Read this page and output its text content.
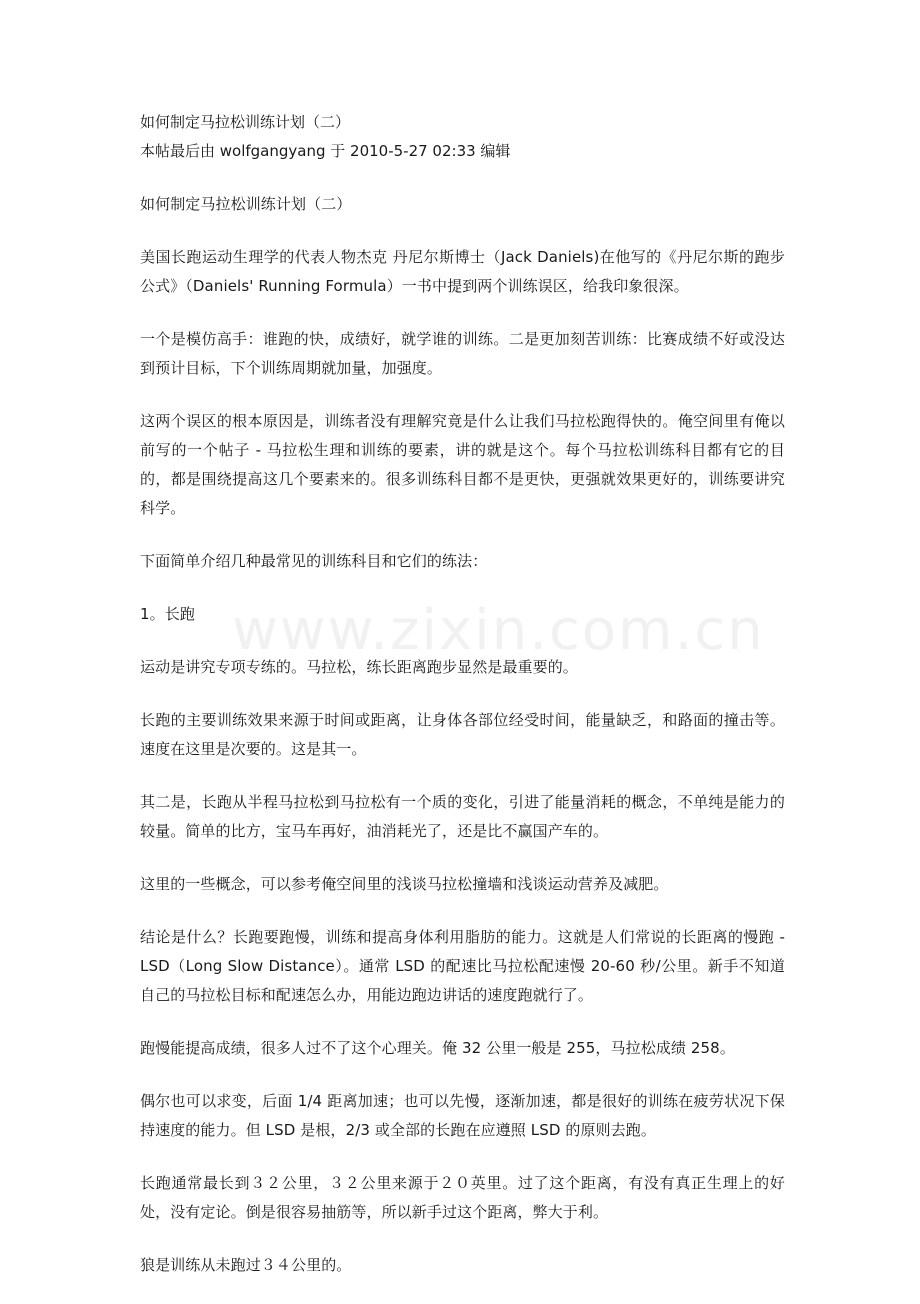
www.zixin.com.cn

如何制定马拉松训练计划（二）

本帖最后由 wolfgangyang 于 2010-5-27 02:33 编辑

如何制定马拉松训练计划（二）

美国长跑运动生理学的代表人物杰克 丹尼尔斯博士（Jack Daniels)在他写的《丹尼尔斯的跑步公式》（Daniels' Running Formula）一书中提到两个训练误区，给我印象很深。

一个是模仿高手：谁跑的快，成绩好，就学谁的训练。二是更加刻苦训练：比赛成绩不好或没达到预计目标，下个训练周期就加量，加强度。

这两个误区的根本原因是，训练者没有理解究竟是什么让我们马拉松跑得快的。俺空间里有俺以前写的一个帖子 - 马拉松生理和训练的要素，讲的就是这个。每个马拉松训练科目都有它的目的，都是围绕提高这几个要素来的。很多训练科目都不是更快，更强就效果更好的，训练要讲究科学。

下面简单介绍几种最常见的训练科目和它们的练法：

1。长跑

运动是讲究专项专练的。马拉松，练长距离跑步显然是最重要的。

长跑的主要训练效果来源于时间或距离，让身体各部位经受时间，能量缺乏，和路面的撞击等。速度在这里是次要的。这是其一。

其二是，长跑从半程马拉松到马拉松有一个质的变化，引进了能量消耗的概念，不单纯是能力的较量。简单的比方，宝马车再好，油消耗光了，还是比不赢国产车的。

这里的一些概念，可以参考俺空间里的浅谈马拉松撞墙和浅谈运动营养及减肥。

结论是什么？长跑要跑慢，训练和提高身体利用脂肪的能力。这就是人们常说的长距离的慢跑 - LSD（Long Slow Distance）。通常 LSD 的配速比马拉松配速慢 20-60 秒/公里。新手不知道自己的马拉松目标和配速怎么办，用能边跑边讲话的速度跑就行了。

跑慢能提高成绩，很多人过不了这个心理关。俺 32 公里一般是 255，马拉松成绩 258。

偶尔也可以求变，后面 1/4 距离加速；也可以先慢，逐渐加速，都是很好的训练在疲劳状况下保持速度的能力。但 LSD 是根，2/3 或全部的长跑在应遵照 LSD 的原则去跑。

长跑通常最长到３２公里，３２公里来源于２０英里。过了这个距离，有没有真正生理上的好处，没有定论。倒是很容易抽筋等，所以新手过这个距离，弊大于利。

狼是训练从未跑过３４公里的。
